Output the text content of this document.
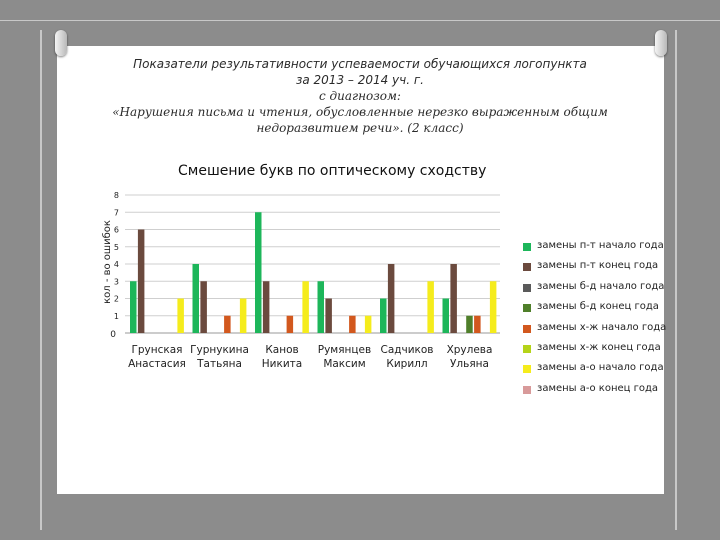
Показатели результативности успеваемости обучающихся логопункта
за 2013 – 2014 уч. г.
с диагнозом:
«Нарушения письма и чтения, обусловленные нерезко выраженным общим
недоразвитием речи». (2 класс)
Смешение букв по оптическому сходству
0
1
2
3
4
5
6
7
8
Грунская
Анастасия
Гурнукина
Татьяна
Канов
Никита
Румянцев
Максим
Садчиков
Кирилл
Хрулева
Ульяна
кол - во ошибок	замены п-т начало года
замены п-т конец года
замены б-д начало года
замены б-д конец года
замены х-ж начало года
замены х-ж конец года
замены а-о начало года
замены а-о конец года
